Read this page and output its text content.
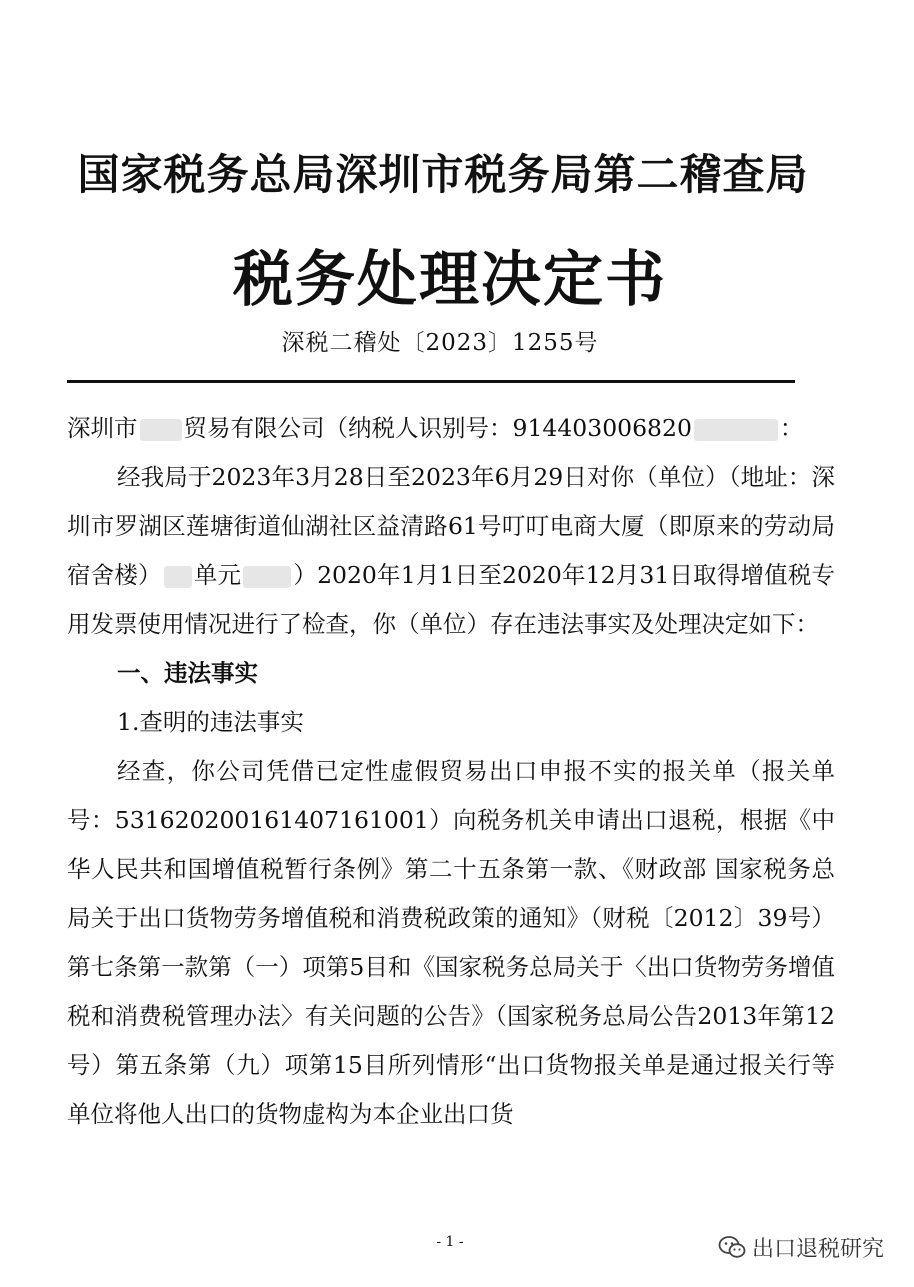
国家税务总局深圳市税务局第二稽查局
税务处理决定书
深税二稽处〔2023〕1255号

深圳市 贸易有限公司（纳税人识别号：914403006820	：

经我局于2023年3月28日至2023年6月29日对你（单位）（地址：深圳市罗湖区莲塘街道仙湖社区益清路61号叮叮电商大厦（即原来的劳动局宿舍楼） 单元 ）2020年1月1日至2020年12月31日取得增值税专用发票使用情况进行了检查，你（单位）存在违法事实及处理决定如下：

一、违法事实

1.查明的违法事实

经查，你公司凭借已定性虚假贸易出口申报不实的报关单（报关单号：531620200161407161001）向税务机关申请出口退税，根据《中华人民共和国增值税暂行条例》第二十五条第一款、《财政部 国家税务总局关于出口货物劳务增值税和消费税政策的通知》（财税〔2012〕39号）第七条第一款第（一）项第5目和《国家税务总局关于〈出口货物劳务增值税和消费税管理办法〉有关问题的公告》（国家税务总局公告2013年第12号）第五条第（九）项第15目所列情形“出口货物报关单是通过报关行等单位将他人出口的货物虚构为本企业出口货

- 1 -	出口退税研究
